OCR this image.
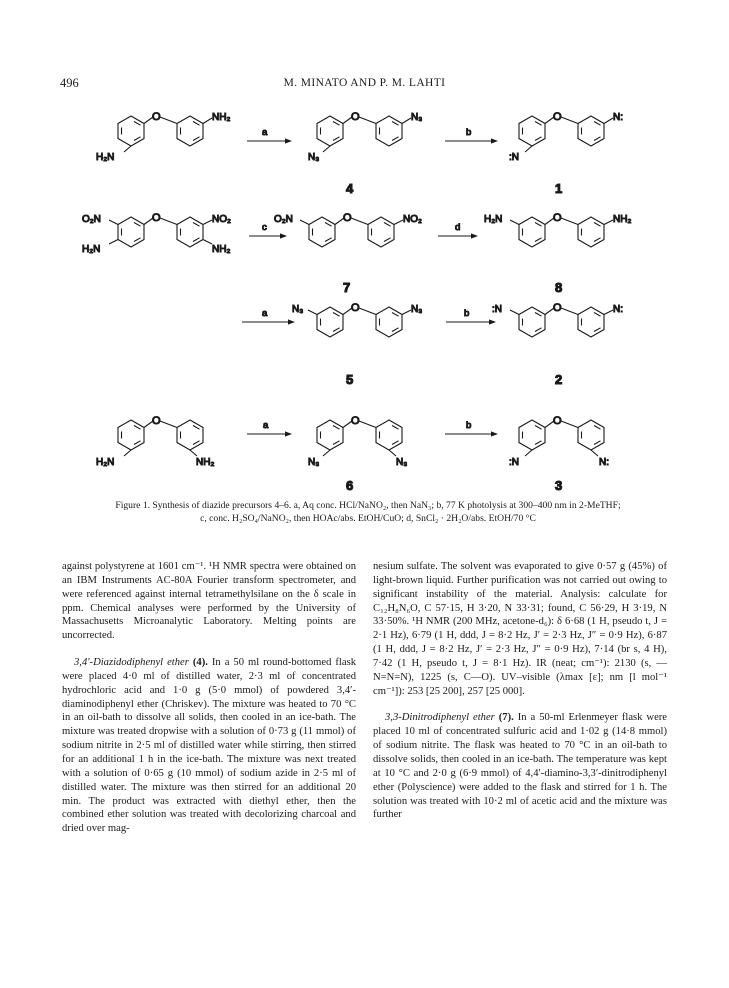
496	M. MINATO AND P. M. LAHTI
O	NH₂
H₂N
a
O	N₃
N₃
b
O	N:
:N
4	1
O
O₂N
H₂N
NO₂
NH₂
c
O
O₂N	NO₂
d
O
H₂N	NH₂
7	8
a	O
N₃	N₃	b	O
:N	N:
5	2
O
H₂N	NH₂
a	O
N₃	N₃
b	O
:N	N:
6	3
Figure 1. Synthesis of diazide precursors 4–6. a, Aq conc. HCl/NaNO₂, then NaN₃; b, 77 K photolysis at 300–400 nm in 2-MeTHF;
c, conc. H₂SO₄/NaNO₂, then HOAc/abs. EtOH/CuO; d, SnCl₂ · 2H₂O/abs. EtOH/70 °C

against polystyrene at 1601 cm⁻¹. ¹H NMR spectra were obtained on an IBM Instruments AC-80A Fourier transform spectrometer, and were referenced against internal tetramethylsilane on the δ scale in ppm. Chemical analyses were performed by the University of Massachusetts Microanalytic Laboratory. Melting points are uncorrected.

3,4′-Diazidodiphenyl ether (4). In a 50 ml round-bottomed flask were placed 4·0 ml of distilled water, 2·3 ml of concentrated hydrochloric acid and 1·0 g (5·0 mmol) of powdered 3,4′-diaminodiphenyl ether (Chriskev). The mixture was heated to 70 °C in an oil-bath to dissolve all solids, then cooled in an ice-bath. The mixture was treated dropwise with a solution of 0·73 g (11 mmol) of sodium nitrite in 2·5 ml of distilled water while stirring, then stirred for an additional 1 h in the ice-bath. The mixture was next treated with a solution of 0·65 g (10 mmol) of sodium azide in 2·5 ml of distilled water. The mixture was then stirred for an additional 20 min. The product was extracted with diethyl ether, then the combined ether solution was treated with decolorizing charcoal and dried over mag-

nesium sulfate. The solvent was evaporated to give 0·57 g (45%) of light-brown liquid. Further purification was not carried out owing to significant instability of the material. Analysis: calculate for C₁₂H₈N₆O, C 57·15, H 3·20, N 33·31; found, C 56·29, H 3·19, N 33·50%. ¹H NMR (200 MHz, acetone-d₆): δ 6·68 (1 H, pseudo t, J = 2·1 Hz), 6·79 (1 H, ddd, J = 8·2 Hz, J′ = 2·3 Hz, J″ = 0·9 Hz), 6·87 (1 H, ddd, J = 8·2 Hz, J′ = 2·3 Hz, J″ = 0·9 Hz), 7·14 (br s, 4 H), 7·42 (1 H, pseudo t, J = 8·1 Hz). IR (neat; cm⁻¹): 2130 (s, —N=N=N), 1225 (s, C—O). UV–visible (λmax [ε]; nm [l mol⁻¹ cm⁻¹]): 253 [25 200], 257 [25 000].

3,3-Dinitrodiphenyl ether (7). In a 50-ml Erlenmeyer flask were placed 10 ml of concentrated sulfuric acid and 1·02 g (14·8 mmol) of sodium nitrite. The flask was heated to 70 °C in an oil-bath to dissolve solids, then cooled in an ice-bath. The temperature was kept at 10 °C and 2·0 g (6·9 mmol) of 4,4′-diamino-3,3′-dinitrodiphenyl ether (Polyscience) were added to the flask and stirred for 1 h. The solution was treated with 10·2 ml of acetic acid and the mixture was further
